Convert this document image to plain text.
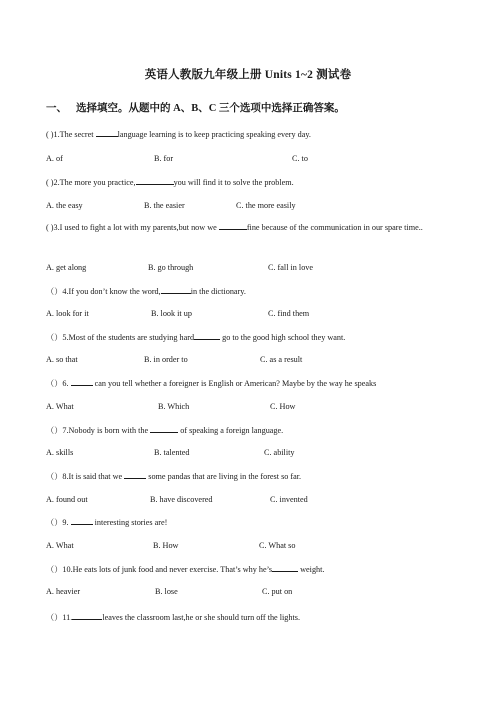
英语人教版九年级上册 Units 1~2 测试卷
一、 选择填空。从题中的 A、B、C 三个选项中选择正确答案。
( )1.The secret	language learning is to keep practicing speaking every day.
A. of	B. for	C. to
( )2.The more you practice,	you will find it to solve the problem.
A. the easy	B. the easier	C. the more easily
( )3.I used to fight a lot with my parents,but now we	fine because of the communication in our spare time..
A. get along	B. go through	C. fall in love
（）4.If you don’t know the word,	in the dictionary.
A. look for it	B. look it up	C. find them
（）5.Most of the students are studying hard	go to the good high school they want.
A. so that	B. in order to	C. as a result
（）6.	can you tell whether a foreigner is English or American? Maybe by the way he speaks
A. What	B. Which	C. How
（）7.Nobody is born with the	of speaking a foreign language.
A. skills	B. talented	C. ability
（）8.It is said that we	some pandas that are living in the forest so far.
A. found out	B. have discovered	C. invented
（）9.	interesting stories are!
A. What	B. How	C. What so
（）10.He eats lots of junk food and never exercise. That’s why he’s	weight.
A. heavier	B. lose	C. put on
（）11.	leaves the classroom last,he or she should turn off the lights.
